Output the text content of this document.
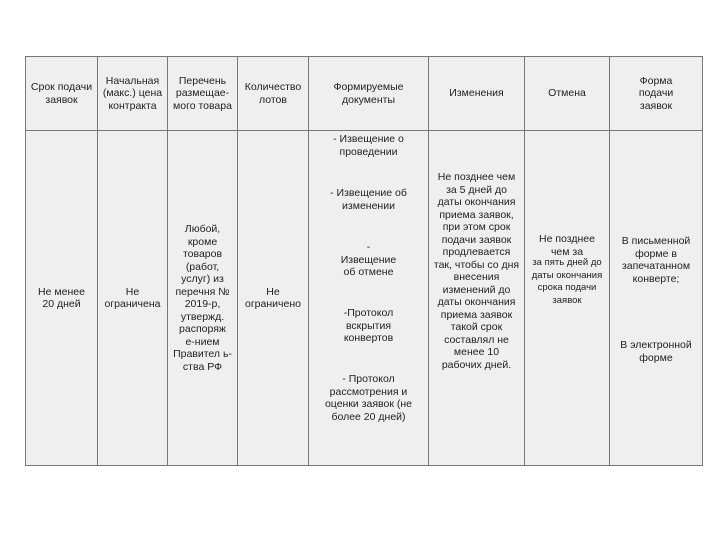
Срок подачи заявок
Начальная (макс.) цена контракта
Перечень размещае-мого товара
Количество лотов
Формируемые документы
Изменения	Отмена
Форма подачи заявок
Не менее 20 дней
Не ограничена
Любой, кроме товаров (работ, услуг) из перечня № 2019-р, утвержд. распоряж е-нием Правител ь-ства РФ
Не ограничено
- Извещение о проведении
- Извещение об изменении
- Извещение об отмене
-Протокол вскрытия конвертов
- Протокол рассмотрения и оценки заявок (не более 20 дней)
Не позднее чем за 5 дней до даты окончания приема заявок, при этом срок подачи заявок продлевается так, чтобы со дня внесения изменений до даты окончания приема заявок такой срок составлял не менее 10 рабочих дней.
Не позднее чем за
за пять дней до даты окончания срока подачи заявок
В письменной форме в запечатанном конверте;
В электронной форме
